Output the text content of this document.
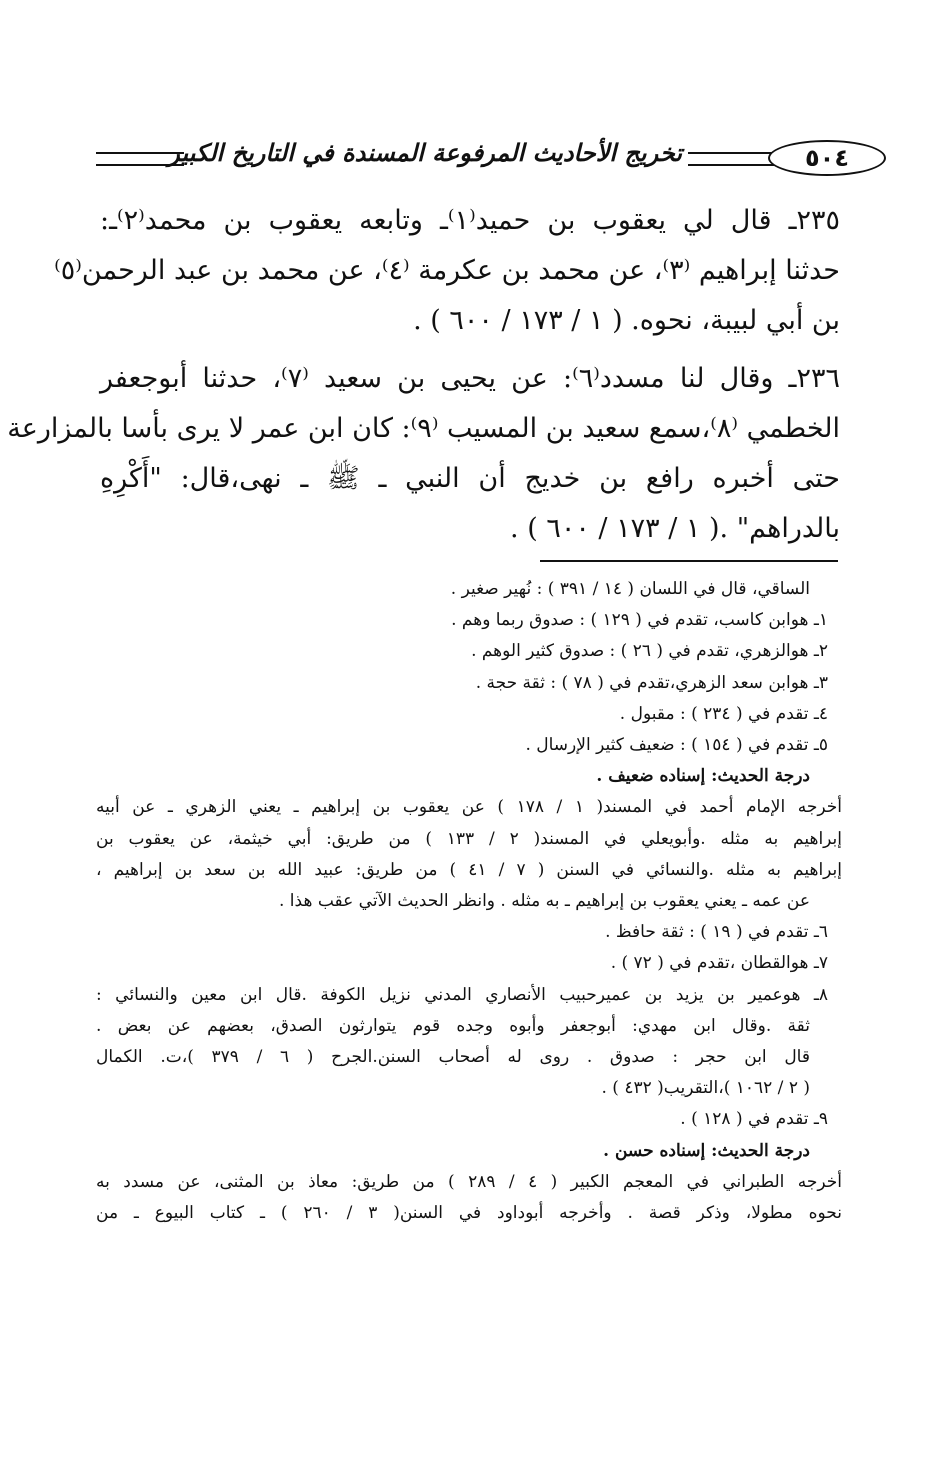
تخريج الأحاديث المرفوعة المسندة في التاريخ الكبير	٥٠٤
٢٣٥ـ قال لي يعقوب بن حميد⁽١⁾ـ وتابعه يعقوب بن محمد⁽٢⁾ـ:
حدثنا إبراهيم ⁽٣⁾، عن محمد بن عكرمة ⁽٤⁾، عن محمد بن عبد الرحمن⁽٥⁾
بن أبي لبيبة، نحوه. ( ١ / ١٧٣ / ٦٠٠ ) .
٢٣٦ـ وقال لنا مسدد⁽٦⁾: عن يحيى بن سعيد ⁽٧⁾، حدثنا أبوجعفر
الخطمي ⁽٨⁾،سمع سعيد بن المسيب ⁽٩⁾: كان ابن عمر لا يرى بأسا بالمزارعة
حتى أخبره رافع بن خديج أن النبي ـ ﷺ ـ نهى،قال: "أَكْرِهِ
بالدراهم" .( ١ / ١٧٣ / ٦٠٠ ) .
الساقي، قال في اللسان ( ١٤ / ٣٩١ ) : نُهير صغير .
١ـ هوابن كاسب، تقدم في ( ١٢٩ ) : صدوق ربما وهم .
٢ـ هوالزهري، تقدم في ( ٢٦ ) : صدوق كثير الوهم .
٣ـ هوابن سعد الزهري،تقدم في ( ٧٨ ) : ثقة حجة .
٤ـ تقدم في ( ٢٣٤ ) : مقبول .
٥ـ تقدم في ( ١٥٤ ) : ضعيف كثير الإرسال .
درجة الحديث: إسناده ضعيف .
أخرجه الإمام أحمد في المسند( ١ / ١٧٨ ) عن يعقوب بن إبراهيم ـ يعني الزهري ـ عن أبيه
إبراهيم به مثله .وأبويعلي في المسند( ٢ / ١٣٣ ) من طريق: أبي خيثمة، عن يعقوب بن
إبراهيم به مثله .والنسائي في السنن ( ٧ / ٤١ ) من طريق: عبيد الله بن سعد بن إبراهيم ،
عن عمه ـ يعني يعقوب بن إبراهيم ـ به مثله . وانظر الحديث الآتي عقب هذا .
٦ـ تقدم في ( ١٩ ) : ثقة حافظ .
٧ـ هوالقطان ،تقدم في ( ٧٢ ) .
٨ـ هوعمير بن يزيد بن عميرحبيب الأنصاري المدني نزيل الكوفة .قال ابن معين والنسائي :
ثقة .وقال ابن مهدي: أبوجعفر وأبوه وجده قوم يتوارثون الصدق، بعضهم عن بعض .
قال ابن حجر : صدوق . روى له أصحاب السنن.الجرح ( ٦ / ٣٧٩ )،ت. الكمال
( ٢ / ١٠٦٢ )،التقريب( ٤٣٢ ) .
٩ـ تقدم في ( ١٢٨ ) .
درجة الحديث: إسناده حسن .
أخرجه الطبراني في المعجم الكبير ( ٤ / ٢٨٩ ) من طريق: معاذ بن المثنى، عن مسدد به
نحوه مطولا، وذكر قصة . وأخرجه أبوداود في السنن( ٣ / ٢٦٠ ) ـ كتاب البيوع ـ من
